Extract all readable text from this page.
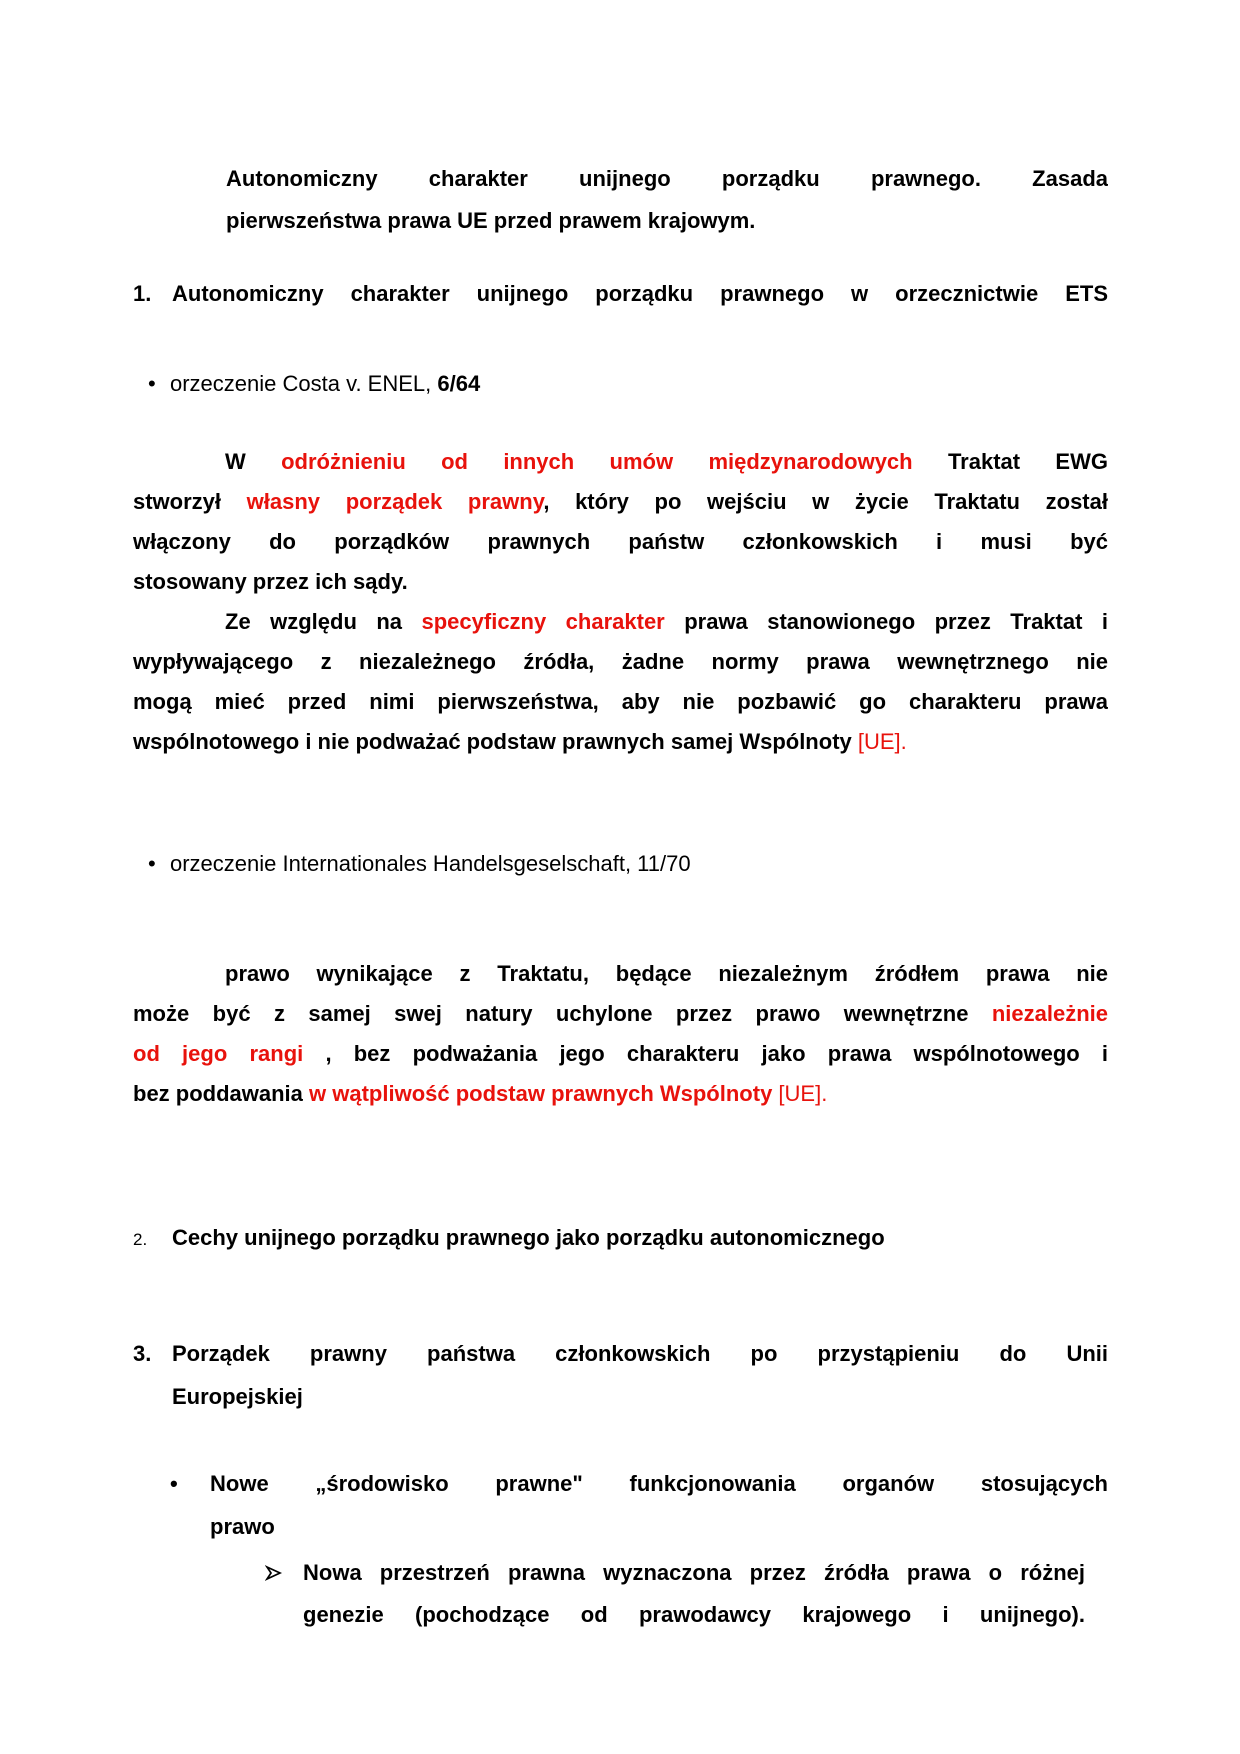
Autonomiczny charakter unijnego porządku prawnego. Zasada
pierwszeństwa prawa UE przed prawem krajowym.
1. Autonomiczny charakter unijnego porządku prawnego w orzecznictwie ETS
• orzeczenie Costa v. ENEL, 6/64
W odróżnieniu od innych umów międzynarodowych Traktat EWG
stworzył własny porządek prawny, który po wejściu w życie Traktatu został
włączony do porządków prawnych państw członkowskich i musi być
stosowany przez ich sądy.
Ze względu na specyficzny charakter prawa stanowionego przez Traktat i
wypływającego z niezależnego źródła, żadne normy prawa wewnętrznego nie
mogą mieć przed nimi pierwszeństwa, aby nie pozbawić go charakteru prawa
wspólnotowego i nie podważać podstaw prawnych samej Wspólnoty [UE].
• orzeczenie Internationales Handelsgeselschaft, 11/70
prawo wynikające z Traktatu, będące niezależnym źródłem prawa nie
może być z samej swej natury uchylone przez prawo wewnętrzne niezależnie
od jego rangi , bez podważania jego charakteru jako prawa wspólnotowego i
bez poddawania w wątpliwość podstaw prawnych Wspólnoty [UE].
2. Cechy unijnego porządku prawnego jako porządku autonomicznego
3. Porządek prawny państwa członkowskich po przystąpieniu do Unii
Europejskiej
• Nowe „środowisko prawne" funkcjonowania organów stosujących
prawo
Nowa przestrzeń prawna wyznaczona przez źródła prawa o różnej
genezie (pochodzące od prawodawcy krajowego i unijnego).
